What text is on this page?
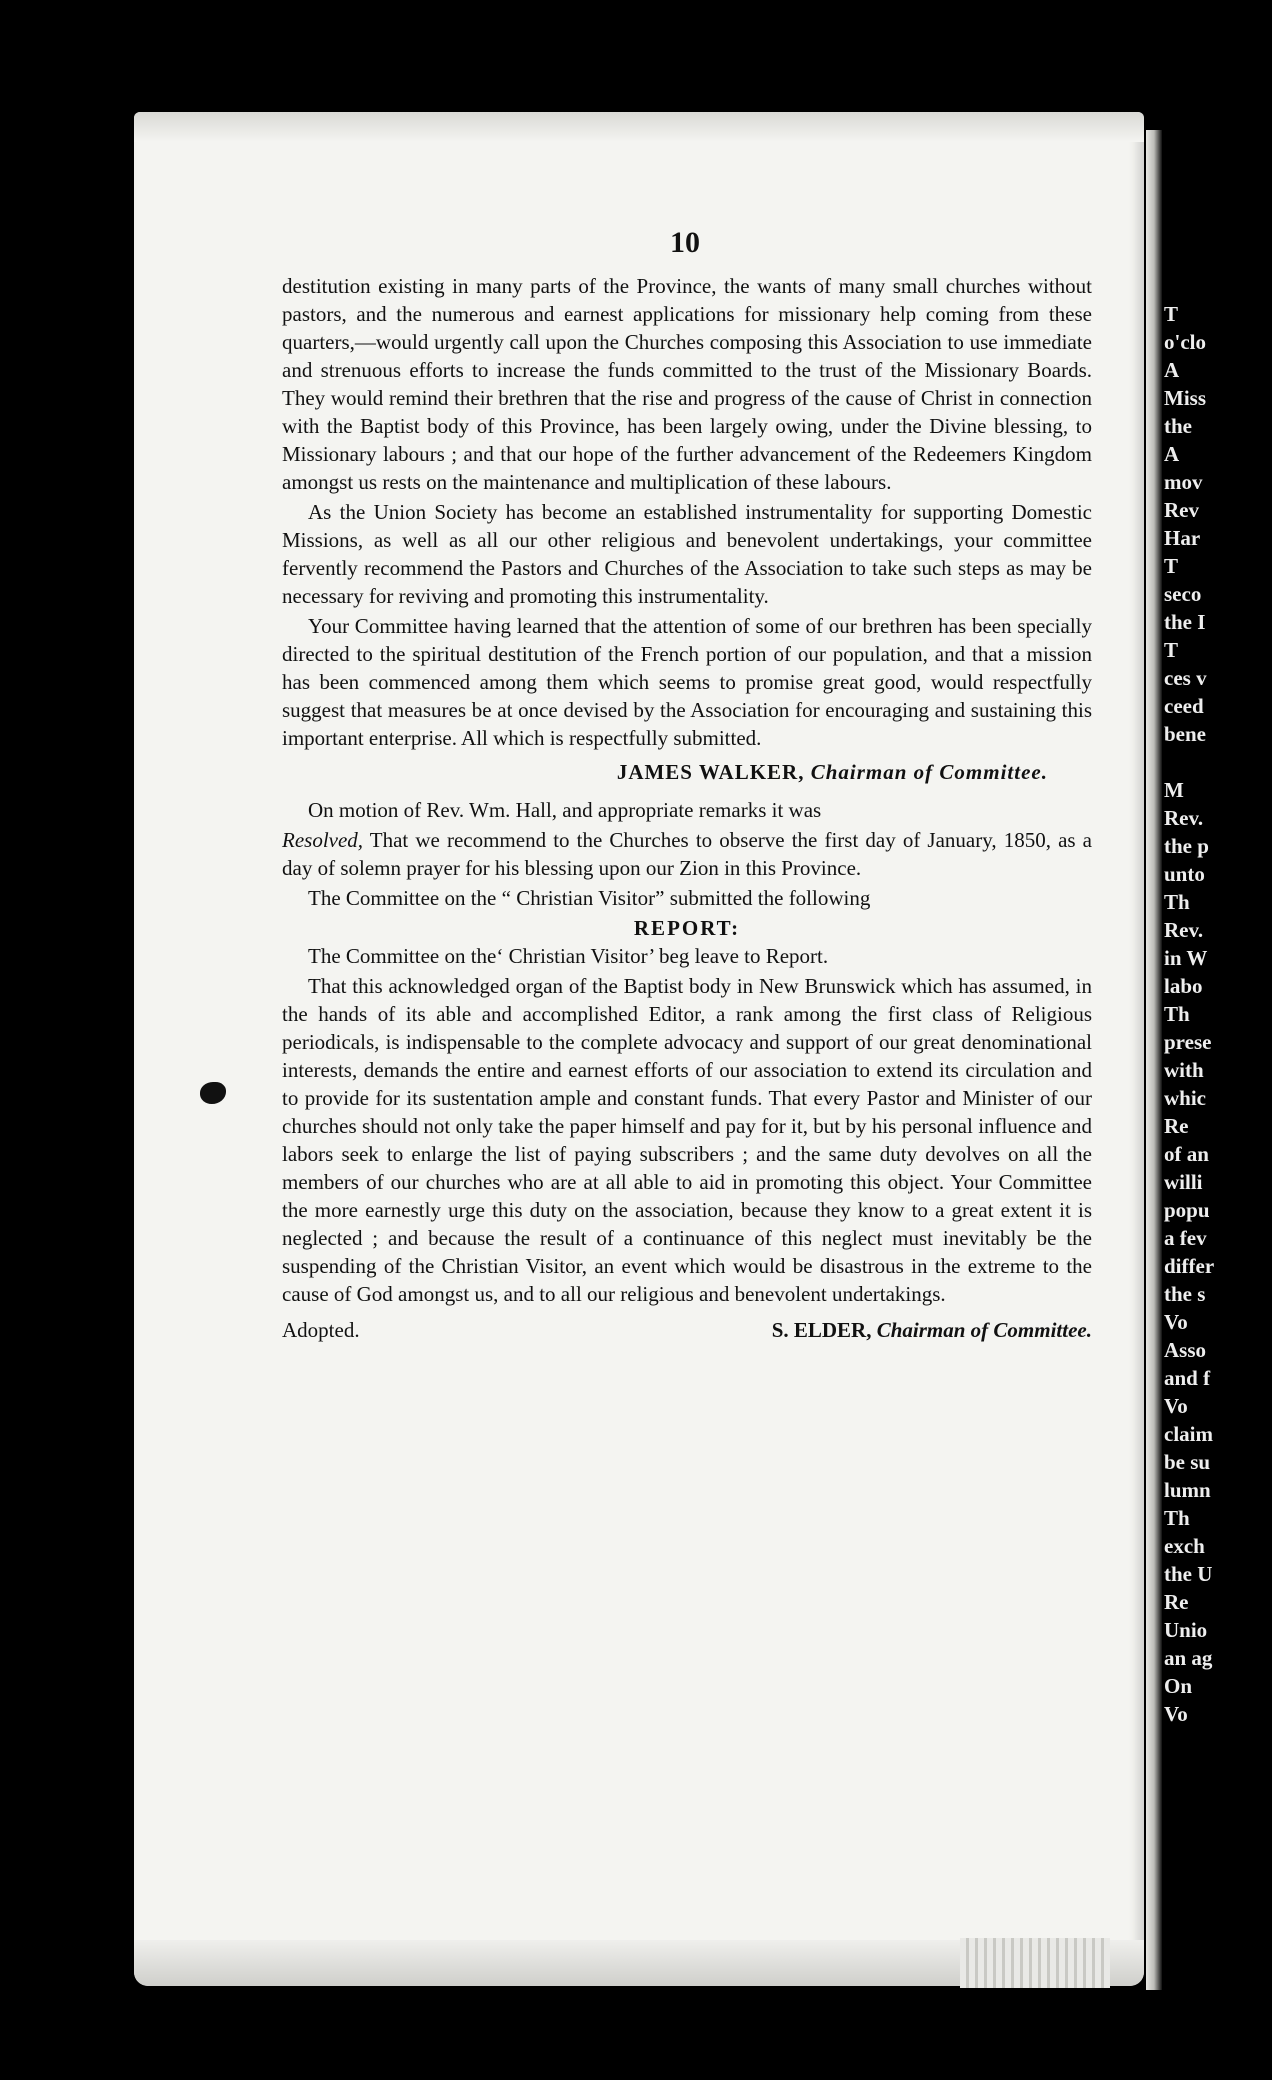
10

destitution existing in many parts of the Province, the wants of many small churches without pastors, and the numerous and earnest applications for missionary help coming from these quarters,—would urgently call upon the Churches composing this Association to use immediate and strenuous efforts to increase the funds committed to the trust of the Missionary Boards. They would remind their brethren that the rise and progress of the cause of Christ in connection with the Baptist body of this Province, has been largely owing, under the Divine blessing, to Missionary labours ; and that our hope of the further advancement of the Redeemers Kingdom amongst us rests on the maintenance and multiplication of these labours.

As the Union Society has become an established instrumentality for supporting Domestic Missions, as well as all our other religious and benevolent undertakings, your committee fervently recommend the Pastors and Churches of the Association to take such steps as may be necessary for reviving and promoting this instrumentality.

Your Committee having learned that the attention of some of our brethren has been specially directed to the spiritual destitution of the French portion of our population, and that a mission has been commenced among them which seems to promise great good, would respectfully suggest that measures be at once devised by the Association for encouraging and sustaining this important enterprise. All which is respectfully submitted.

JAMES WALKER, Chairman of Committee.

On motion of Rev. Wm. Hall, and appropriate remarks it was

Resolved, That we recommend to the Churches to observe the first day of January, 1850, as a day of solemn prayer for his blessing upon our Zion in this Province.

The Committee on the “ Christian Visitor” submitted the following

REPORT:

The Committee on the‘ Christian Visitor’ beg leave to Report.

That this acknowledged organ of the Baptist body in New Brunswick which has assumed, in the hands of its able and accomplished Editor, a rank among the first class of Religious periodicals, is indispensable to the complete advocacy and support of our great denominational interests, demands the entire and earnest efforts of our association to extend its circulation and to provide for its sustentation ample and constant funds. That every Pastor and Minister of our churches should not only take the paper himself and pay for it, but by his personal influence and labors seek to enlarge the list of paying subscribers ; and the same duty devolves on all the members of our churches who are at all able to aid in promoting this object. Your Committee the more earnestly urge this duty on the association, because they know to a great extent it is neglected ; and because the result of a continuance of this neglect must inevitably be the suspending of the Christian Visitor, an event which would be disastrous in the extreme to the cause of God amongst us, and to all our religious and benevolent undertakings.

Adopted.	S. ELDER, Chairman of Committee.
T
o'clo
A
Miss
the
A
mov
Rev
Har
T
seco
the I
T
ces v
ceed
bene

M
Rev.
the p
unto
Th
Rev.
in W
labo
Th
prese
with
whic
Re
of an
willi
popu
a fev
differ
the s
Vo
Asso
and f
Vo
claim
be su
lumn
Th
exch
the U
Re
Unio
an ag
On
Vo
